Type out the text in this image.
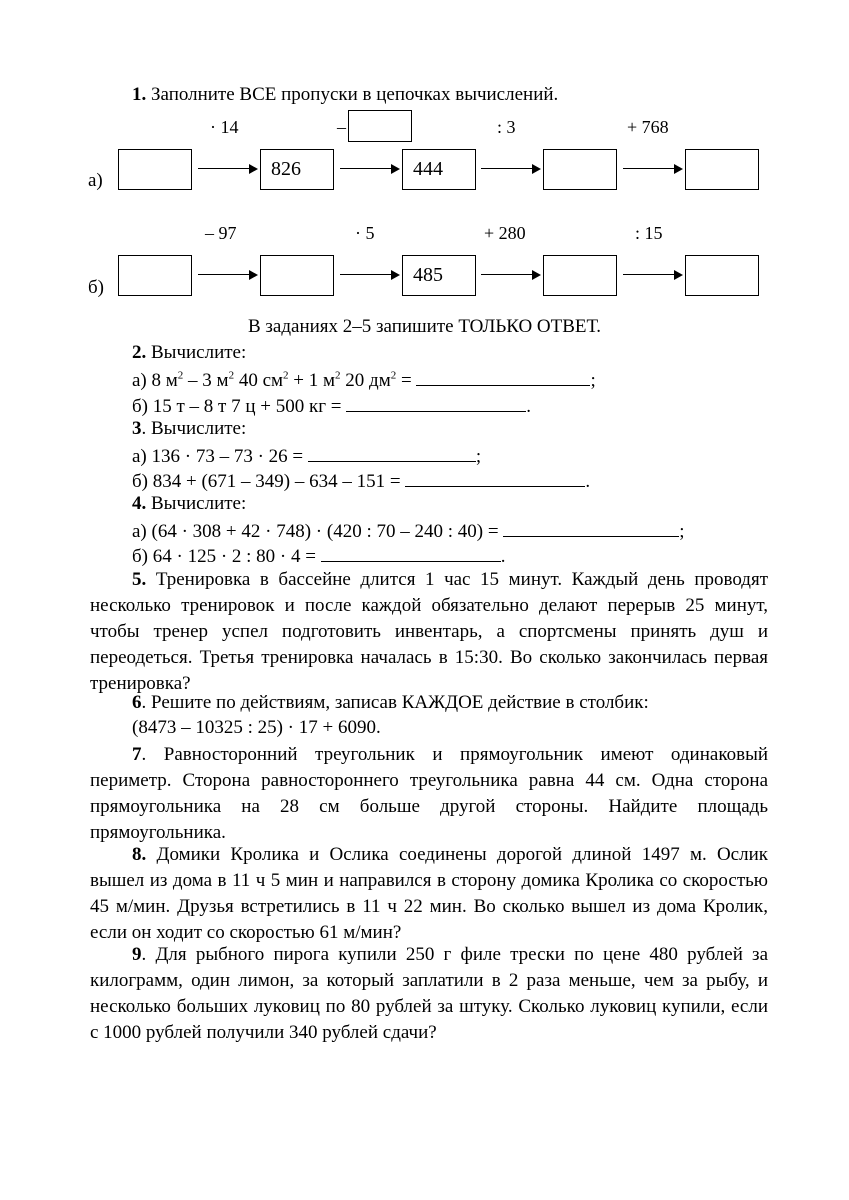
1. Заполните ВСЕ пропуски в цепочках вычислений.
· 14	–	: 3	+ 768
а)
826	444
– 97	· 5	+ 280	: 15
б)
485
В заданиях 2–5 запишите ТОЛЬКО ОТВЕТ.
2. Вычислите:
а) 8 $м^2 - 3$ $м^2$ 40 $см^2 + 1$ $м^2$ 20 $дм^2$ =	;
б) 15 т – 8 т 7 ц + 500 кг =	.
3. Вычислите:
а) 136 · 73 – 73 · 26 =	;
б) 834 + (671 – 349) – 634 – 151 =	.
4. Вычислите:
а) (64 · 308 + 42 · 748) · (420 : 70 – 240 : 40) =	;
б) 64 · 125 · 2 : 80 · 4 =	.
5. Тренировка в бассейне длится 1 час 15 минут. Каждый день проводят несколько тренировок и после каждой обязательно делают перерыв 25 минут, чтобы тренер успел подготовить инвентарь, а спортсмены принять душ и переодеться. Третья тренировка началась в 15:30. Во сколько закончилась первая тренировка?
6. Решите по действиям, записав КАЖДОЕ действие в столбик:
(8473 – 10325 : 25) · 17 + 6090.
7. Равносторонний треугольник и прямоугольник имеют одинаковый периметр. Сторона равностороннего треугольника равна 44 см. Одна сторона прямоугольника на 28 см больше другой стороны. Найдите площадь прямоугольника.
8. Домики Кролика и Ослика соединены дорогой длиной 1497 м. Ослик вышел из дома в 11 ч 5 мин и направился в сторону домика Кролика со скоростью 45 м/мин. Друзья встретились в 11 ч 22 мин. Во сколько вышел из дома Кролик, если он ходит со скоростью 61 м/мин?
9. Для рыбного пирога купили 250 г филе трески по цене 480 рублей за килограмм, один лимон, за который заплатили в 2 раза меньше, чем за рыбу, и несколько больших луковиц по 80 рублей за штуку. Сколько луковиц купили, если с 1000 рублей получили 340 рублей сдачи?
